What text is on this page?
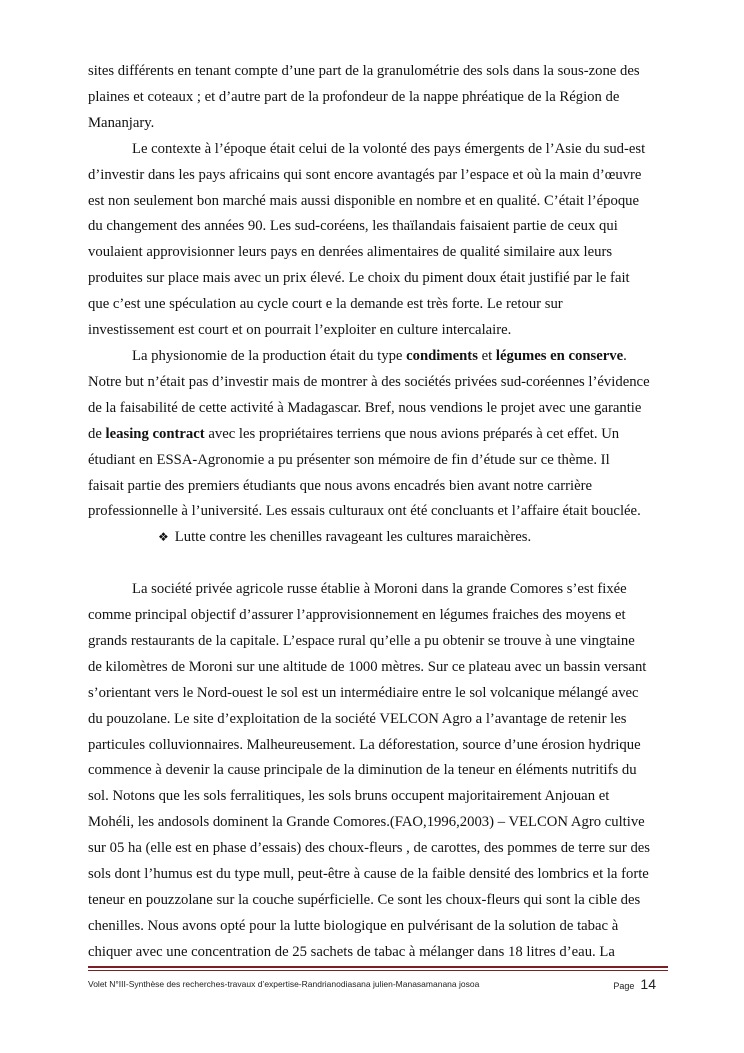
sites différents en tenant compte d’une part de la granulométrie des sols dans la sous-zone des
plaines et coteaux ; et d’autre part de la profondeur de la nappe phréatique de la Région de
Mananjary.
Le contexte à l’époque était celui de la volonté des pays émergents de l’Asie du sud-est
d’investir dans les pays africains qui sont encore avantagés par l’espace et où la main d’œuvre
est non seulement bon marché mais aussi disponible en nombre et en qualité. C’était l’époque
du changement des années 90. Les sud-coréens, les thaïlandais faisaient partie de ceux qui
voulaient approvisionner leurs pays en denrées alimentaires de qualité similaire aux leurs
produites sur place mais avec un prix élevé. Le choix du piment doux était justifié par le fait
que c’est une spéculation au cycle court e la demande est très forte. Le retour sur
investissement est court et on pourrait l’exploiter en culture intercalaire.
La physionomie de la production était du type condiments et légumes en conserve.
Notre but n’était pas d’investir mais de montrer à des sociétés privées sud-coréennes l’évidence
de la faisabilité de cette activité à Madagascar. Bref, nous vendions le projet avec une garantie
de leasing contract avec les propriétaires terriens que nous avions préparés à cet effet. Un
étudiant en ESSA-Agronomie a pu présenter son mémoire de fin d’étude sur ce thème. Il
faisait partie des premiers étudiants que nous avons encadrés bien avant notre carrière
professionnelle à l’université. Les essais culturaux ont été concluants et l’affaire était bouclée.
❖ Lutte contre les chenilles ravageant les cultures maraichères.
La société privée agricole russe établie à Moroni dans la grande Comores s’est fixée
comme principal objectif d’assurer l’approvisionnement en légumes fraiches des moyens et
grands restaurants de la capitale. L’espace rural qu’elle a pu obtenir se trouve à une vingtaine
de kilomètres de Moroni sur une altitude de 1000 mètres. Sur ce plateau avec un bassin versant
s’orientant vers le Nord-ouest le sol est un intermédiaire entre le sol volcanique mélangé avec
du pouzolane. Le site d’exploitation de la société VELCON Agro a l’avantage de retenir les
particules colluvionnaires. Malheureusement. La déforestation, source d’une érosion hydrique
commence à devenir la cause principale de la diminution de la teneur en éléments nutritifs du
sol. Notons que les sols ferralitiques, les sols bruns occupent majoritairement Anjouan et
Mohéli, les andosols dominent la Grande Comores.(FAO,1996,2003) – VELCON Agro cultive
sur 05 ha (elle est en phase d’essais) des choux-fleurs , de carottes, des pommes de terre sur des
sols dont l’humus est du type mull, peut-être à cause de la faible densité des lombrics et la forte
teneur en pouzzolane sur la couche supérficielle. Ce sont les choux-fleurs qui sont la cible des
chenilles. Nous avons opté pour la lutte biologique en pulvérisant de la solution de tabac à
chiquer avec une concentration de 25 sachets de tabac à mélanger dans 18 litres d’eau. La
Volet N°III-Synthèse des recherches-travaux d’expertise-Randrianodiasana julien-Manasamanana josoa	Page 14
